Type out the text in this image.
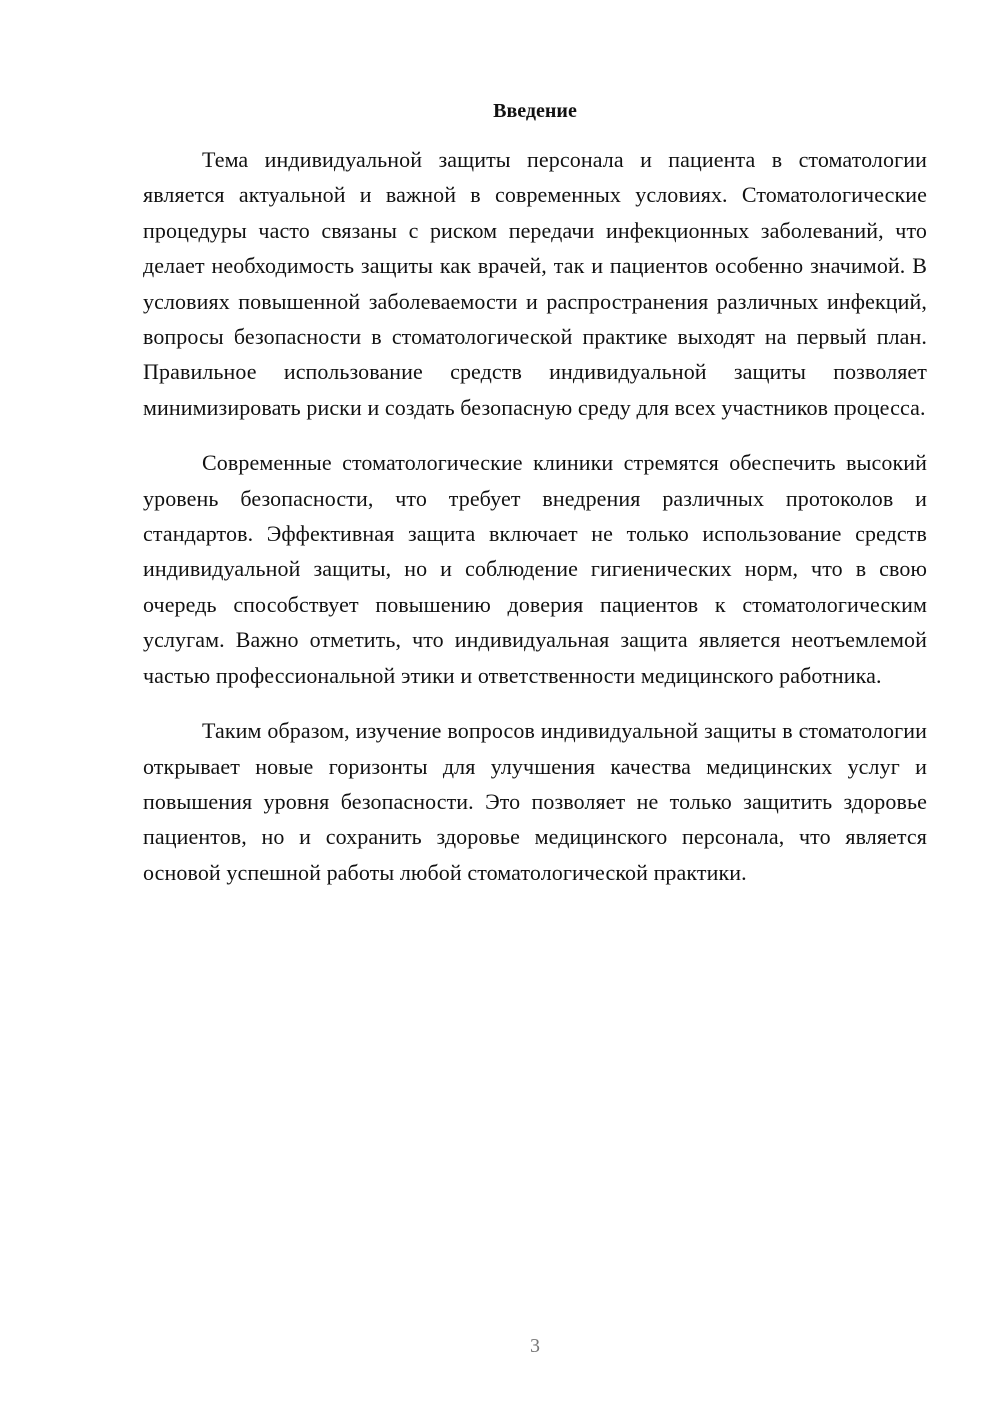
Введение

Тема индивидуальной защиты персонала и пациента в стоматологии является актуальной и важной в современных условиях. Стоматологические процедуры часто связаны с риском передачи инфекционных заболеваний, что делает необходимость защиты как врачей, так и пациентов особенно значимой. В условиях повышенной заболеваемости и распространения различных инфекций, вопросы безопасности в стоматологической практике выходят на первый план. Правильное использование средств индивидуальной защиты позволяет минимизировать риски и создать безопасную среду для всех участников процесса.

Современные стоматологические клиники стремятся обеспечить высокий уровень безопасности, что требует внедрения различных протоколов и стандартов. Эффективная защита включает не только использование средств индивидуальной защиты, но и соблюдение гигиенических норм, что в свою очередь способствует повышению доверия пациентов к стоматологическим услугам. Важно отметить, что индивидуальная защита является неотъемлемой частью профессиональной этики и ответственности медицинского работника.

Таким образом, изучение вопросов индивидуальной защиты в стоматологии открывает новые горизонты для улучшения качества медицинских услуг и повышения уровня безопасности. Это позволяет не только защитить здоровье пациентов, но и сохранить здоровье медицинского персонала, что является основой успешной работы любой стоматологической практики.

3
